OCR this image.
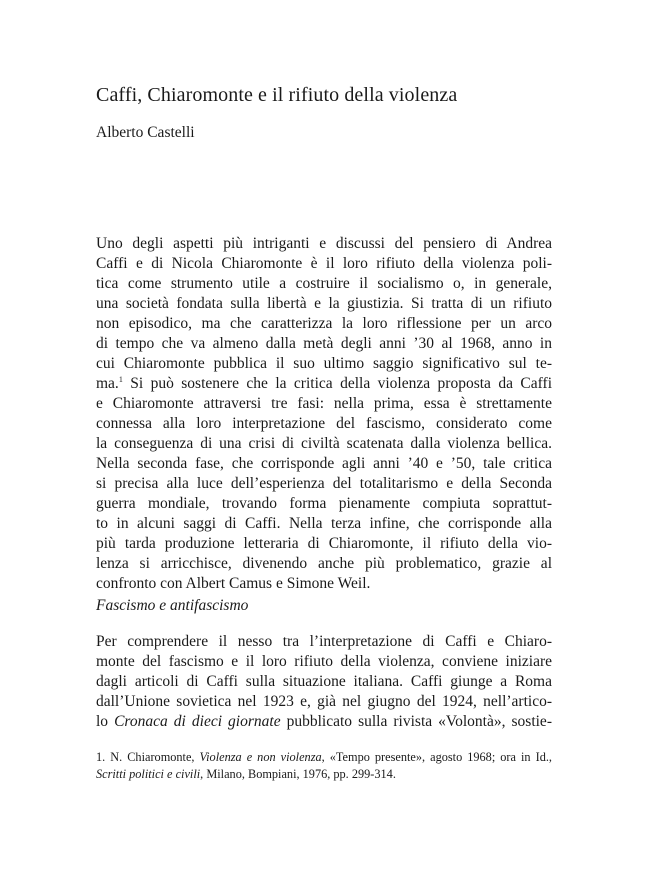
Caffi, Chiaromonte e il rifiuto della violenza
Alberto Castelli
Uno degli aspetti più intriganti e discussi del pensiero di Andrea
Caffi e di Nicola Chiaromonte è il loro rifiuto della violenza poli-
tica come strumento utile a costruire il socialismo o, in generale,
una società fondata sulla libertà e la giustizia. Si tratta di un rifiuto
non episodico, ma che caratterizza la loro riflessione per un arco
di tempo che va almeno dalla metà degli anni ’30 al 1968, anno in
cui Chiaromonte pubblica il suo ultimo saggio significativo sul te-
ma.$^1$ Si può sostenere che la critica della violenza proposta da Caffi
e Chiaromonte attraversi tre fasi: nella prima, essa è strettamente
connessa alla loro interpretazione del fascismo, considerato come
la conseguenza di una crisi di civiltà scatenata dalla violenza bellica.
Nella seconda fase, che corrisponde agli anni ’40 e ’50, tale critica
si precisa alla luce dell’esperienza del totalitarismo e della Seconda
guerra mondiale, trovando forma pienamente compiuta soprattut-
to in alcuni saggi di Caffi. Nella terza infine, che corrisponde alla
più tarda produzione letteraria di Chiaromonte, il rifiuto della vio-
lenza si arricchisce, divenendo anche più problematico, grazie al
confronto con Albert Camus e Simone Weil.
Fascismo e antifascismo
Per comprendere il nesso tra l’interpretazione di Caffi e Chiaro-
monte del fascismo e il loro rifiuto della violenza, conviene iniziare
dagli articoli di Caffi sulla situazione italiana. Caffi giunge a Roma
dall’Unione sovietica nel 1923 e, già nel giugno del 1924, nell’artico-
lo Cronaca di dieci giornate pubblicato sulla rivista «Volontà», sostie-
1. N. Chiaromonte, Violenza e non violenza, «Tempo presente», agosto 1968; ora in Id.,
Scritti politici e civili, Milano, Bompiani, 1976, pp. 299-314.
